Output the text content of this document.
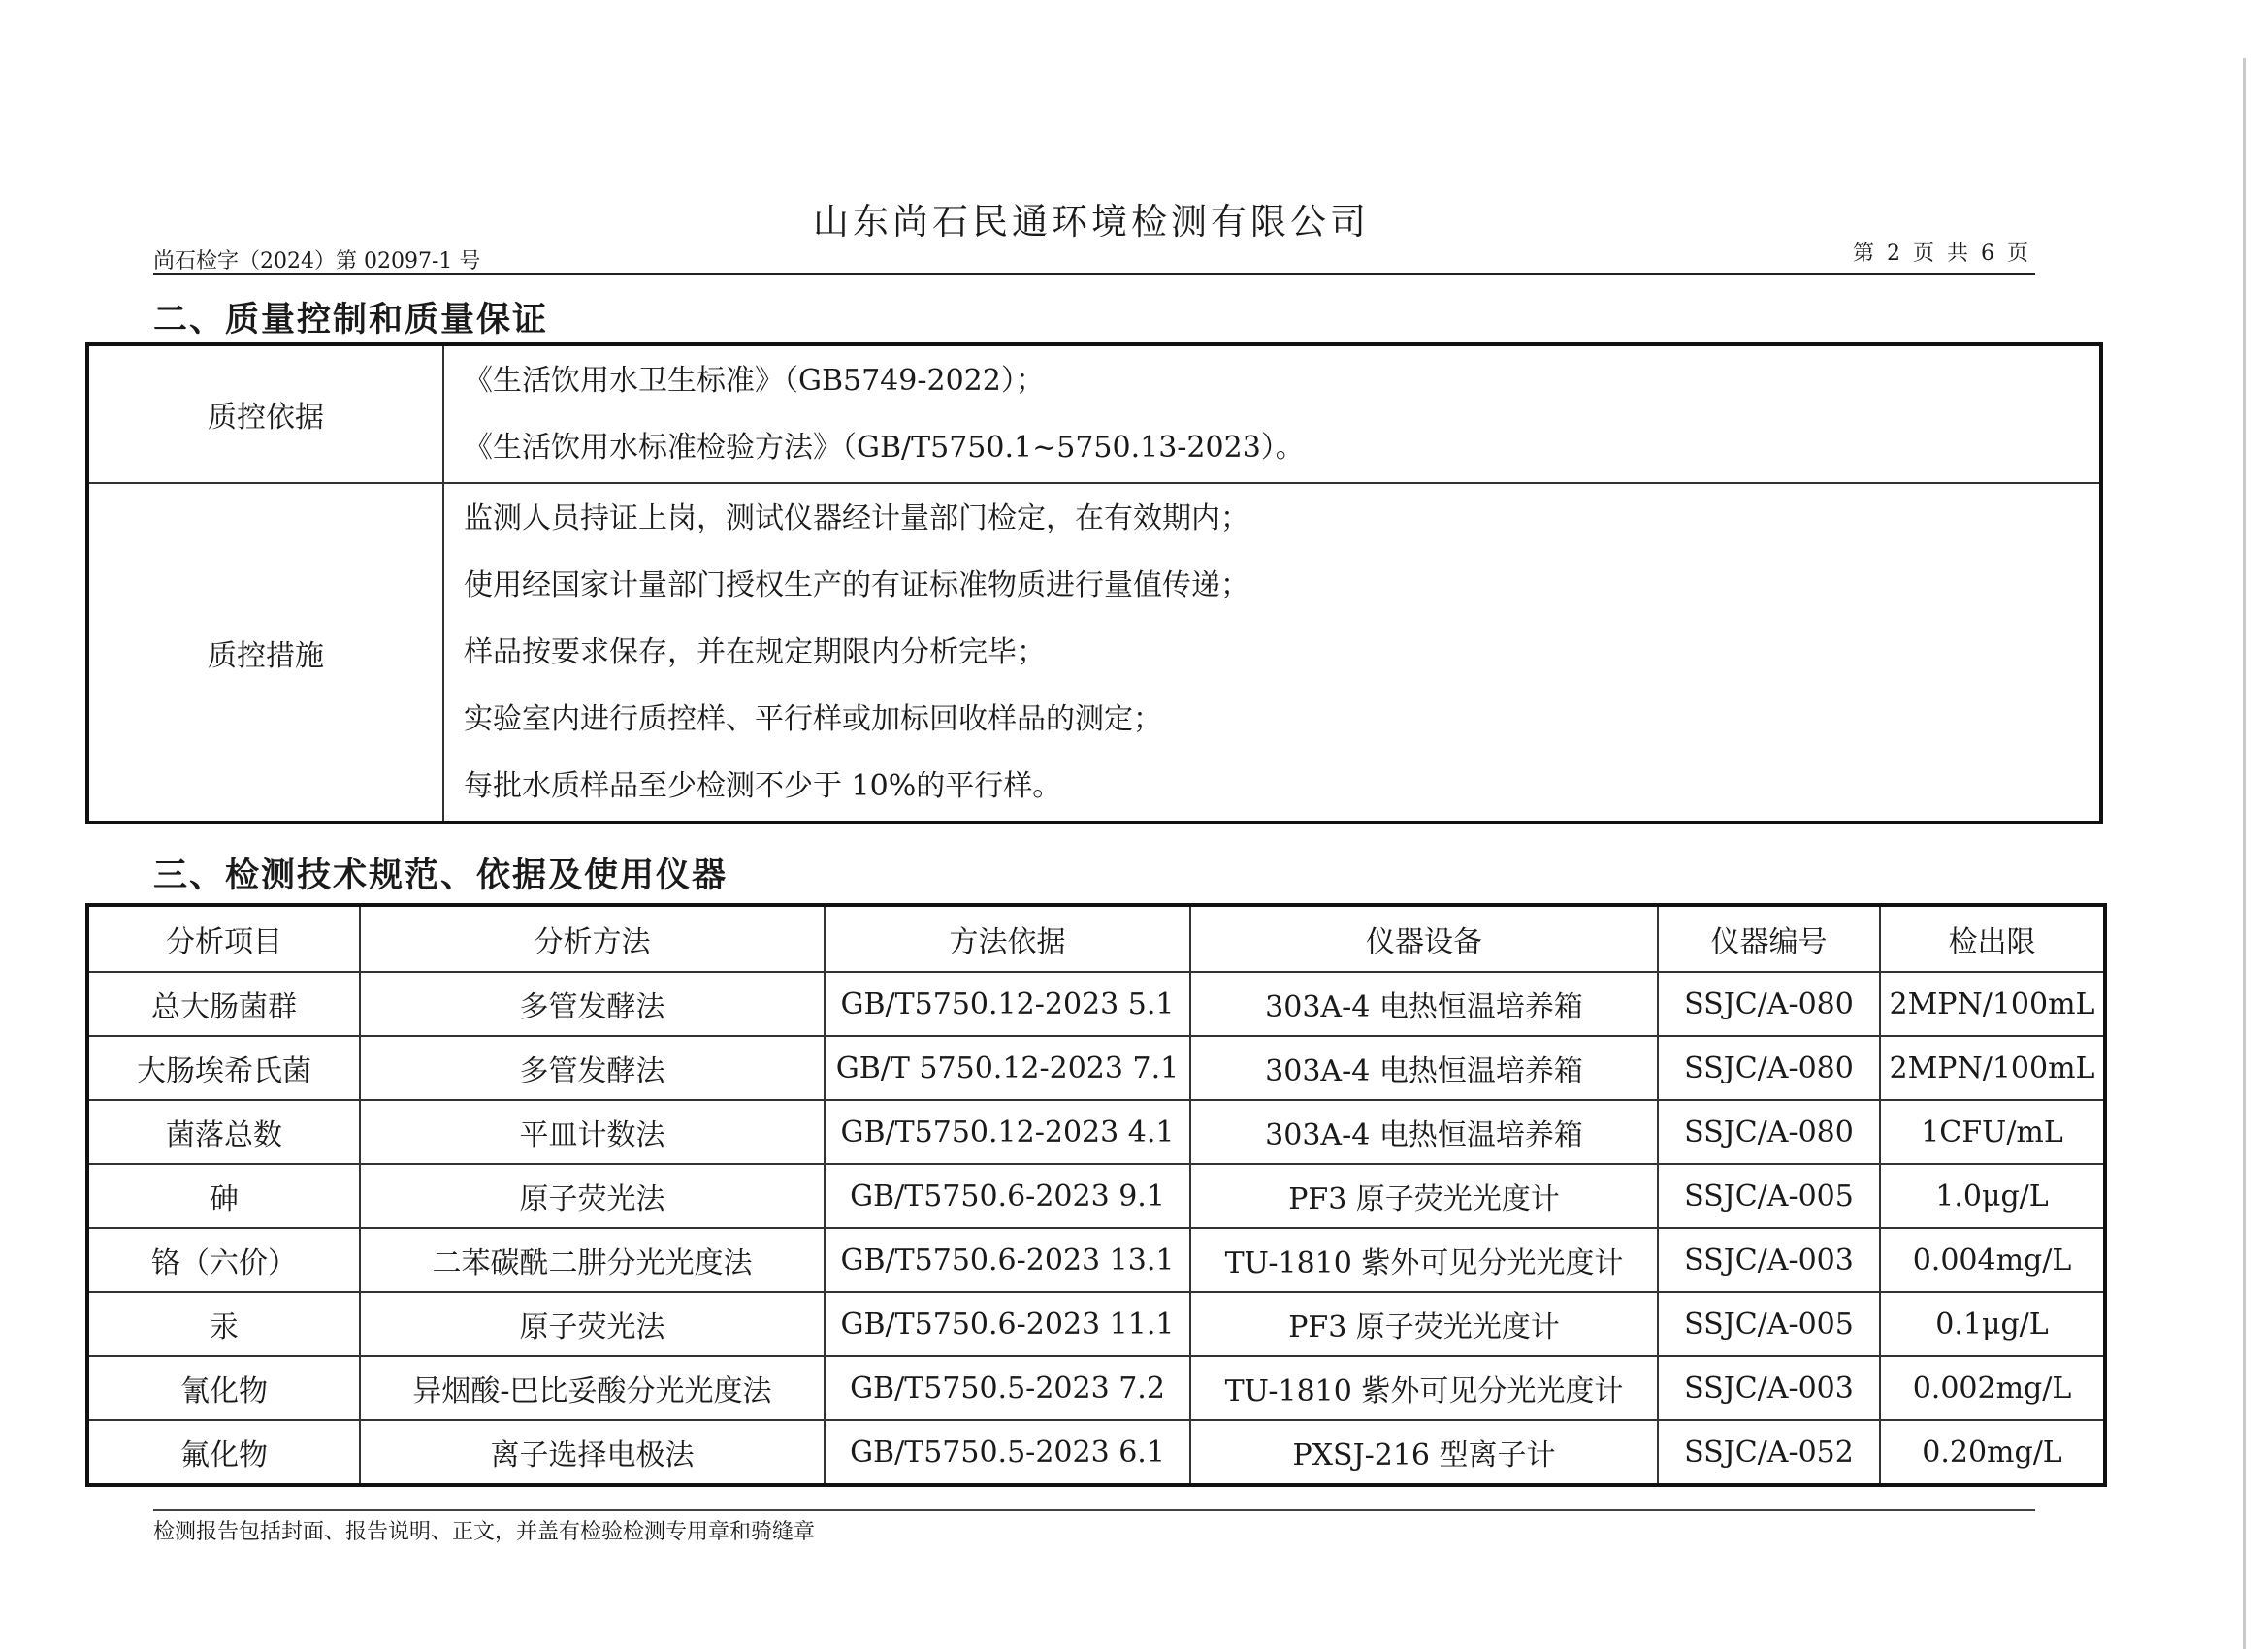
山东尚石民通环境检测有限公司
尚石检字（2024）第 02097-1 号	第 2 页 共 6 页
二、质量控制和质量保证
质控依据	《生活饮用水卫生标准》（GB5749-2022）；
《生活饮用水标准检验方法》（GB/T5750.1~5750.13-2023）。

质控措施	监测人员持证上岗，测试仪器经计量部门检定，在有效期内；
使用经国家计量部门授权生产的有证标准物质进行量值传递；
样品按要求保存，并在规定期限内分析完毕；
实验室内进行质控样、平行样或加标回收样品的测定；
每批水质样品至少检测不少于 10%的平行样。
三、检测技术规范、依据及使用仪器
分析项目	分析方法	方法依据	仪器设备	仪器编号	检出限
总大肠菌群	多管发酵法	GB/T5750.12-2023 5.1	303A-4 电热恒温培养箱	SSJC/A-080	2MPN/100mL
大肠埃希氏菌	多管发酵法	GB/T 5750.12-2023 7.1	303A-4 电热恒温培养箱	SSJC/A-080	2MPN/100mL
菌落总数	平皿计数法	GB/T5750.12-2023 4.1	303A-4 电热恒温培养箱	SSJC/A-080	1CFU/mL
砷	原子荧光法	GB/T5750.6-2023 9.1	PF3 原子荧光光度计	SSJC/A-005	1.0μg/L
铬（六价）	二苯碳酰二肼分光光度法	GB/T5750.6-2023 13.1	TU-1810 紫外可见分光光度计	SSJC/A-003	0.004mg/L
汞	原子荧光法	GB/T5750.6-2023 11.1	PF3 原子荧光光度计	SSJC/A-005	0.1μg/L
氰化物	异烟酸-巴比妥酸分光光度法	GB/T5750.5-2023 7.2	TU-1810 紫外可见分光光度计	SSJC/A-003	0.002mg/L
氟化物	离子选择电极法	GB/T5750.5-2023 6.1	PXSJ-216 型离子计	SSJC/A-052	0.20mg/L
检测报告包括封面、报告说明、正文，并盖有检验检测专用章和骑缝章
